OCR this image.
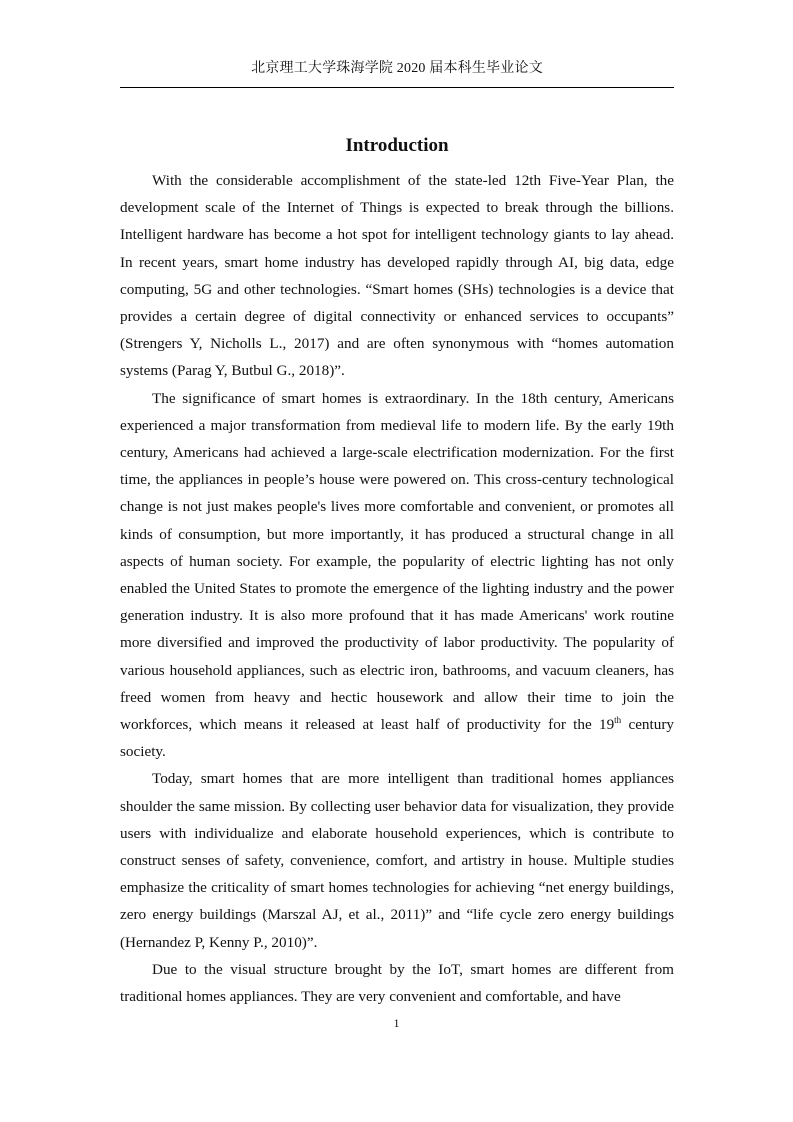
北京理工大学珠海学院 2020 届本科生毕业论文
Introduction

With the considerable accomplishment of the state-led 12th Five-Year Plan, the development scale of the Internet of Things is expected to break through the billions. Intelligent hardware has become a hot spot for intelligent technology giants to lay ahead. In recent years, smart home industry has developed rapidly through AI, big data, edge computing, 5G and other technologies. “Smart homes (SHs) technologies is a device that provides a certain degree of digital connectivity or enhanced services to occupants” (Strengers Y, Nicholls L., 2017) and are often synonymous with “homes automation systems (Parag Y, Butbul G., 2018)”.

The significance of smart homes is extraordinary. In the 18th century, Americans experienced a major transformation from medieval life to modern life. By the early 19th century, Americans had achieved a large-scale electrification modernization. For the first time, the appliances in people’s house were powered on. This cross-century technological change is not just makes people's lives more comfortable and convenient, or promotes all kinds of consumption, but more importantly, it has produced a structural change in all aspects of human society. For example, the popularity of electric lighting has not only enabled the United States to promote the emergence of the lighting industry and the power generation industry. It is also more profound that it has made Americans' work routine more diversified and improved the productivity of labor productivity. The popularity of various household appliances, such as electric iron, bathrooms, and vacuum cleaners, has freed women from heavy and hectic housework and allow their time to join the workforces, which means it released at least half of productivity for the 19th century society.

Today, smart homes that are more intelligent than traditional homes appliances shoulder the same mission. By collecting user behavior data for visualization, they provide users with individualize and elaborate household experiences, which is contribute to construct senses of safety, convenience, comfort, and artistry in house. Multiple studies emphasize the criticality of smart homes technologies for achieving “net energy buildings, zero energy buildings (Marszal AJ, et al., 2011)” and “life cycle zero energy buildings (Hernandez P, Kenny P., 2010)”.

Due to the visual structure brought by the IoT, smart homes are different from traditional homes appliances. They are very convenient and comfortable, and have

1
